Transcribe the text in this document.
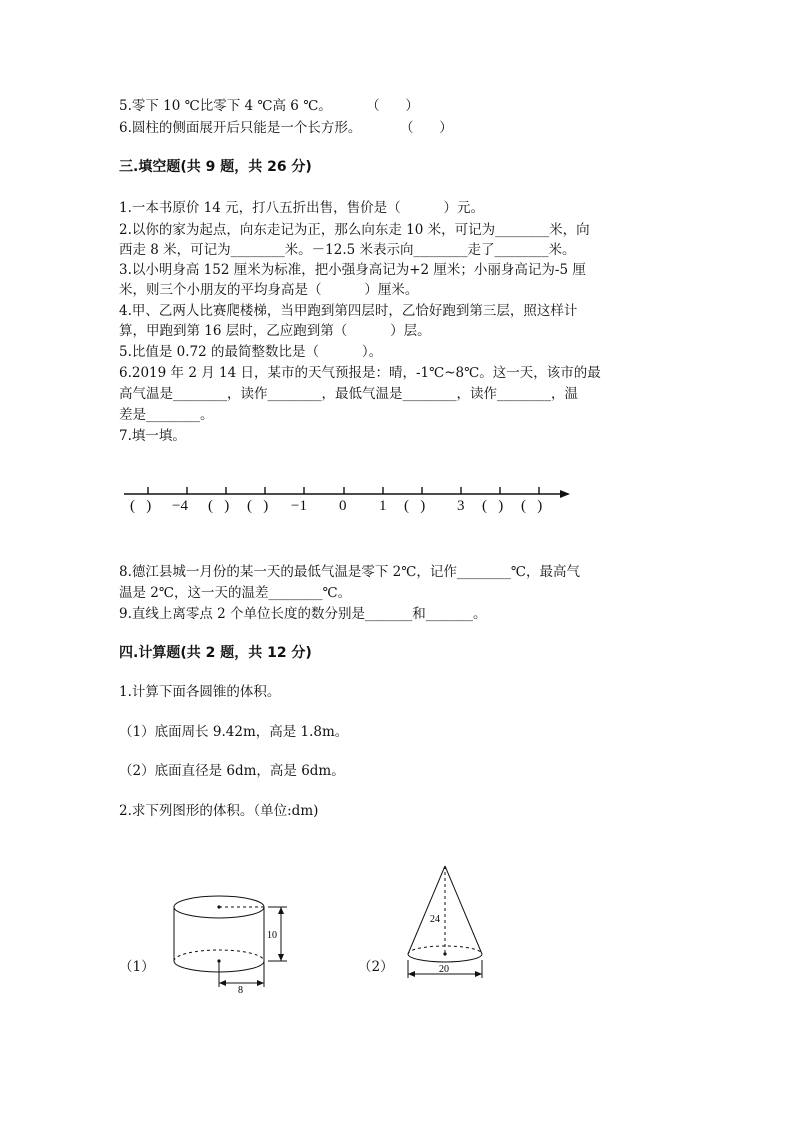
5.零下 10 ℃比零下 4 ℃高 6 ℃。        （      ）
6.圆柱的侧面展开后只能是一个长方形。         （      ）
三.填空题(共 9 题，共 26 分)
1.一本书原价 14 元，打八五折出售，售价是（          ）元。
2.以你的家为起点，向东走记为正，那么向东走 10 米，可记为________米，向
西走 8 米，可记为________米。－12.5 米表示向________走了________米。
3.以小明身高 152 厘米为标准，把小强身高记为+2 厘米；小丽身高记为-5 厘
米，则三个小朋友的平均身高是（          ）厘米。
4.甲、乙两人比赛爬楼梯，当甲跑到第四层时，乙恰好跑到第三层，照这样计
算，甲跑到第 16 层时，乙应跑到第（          ）层。
5.比值是 0.72 的最简整数比是（          ）。
6.2019 年 2 月 14 日，某市的天气预报是：晴，-1℃~8℃。这一天，该市的最
高气温是________，读作________，最低气温是________，读作________，温
差是________。
7.填一填。
(   ) −4 (   ) (   ) −1 0 1 (   ) 3 (   ) (   )
8.德江县城一月份的某一天的最低气温是零下 2℃，记作________℃，最高气
温是 2℃，这一天的温差________℃。
9.直线上离零点 2 个单位长度的数分别是_______和_______。
四.计算题(共 2 题，共 12 分)
1.计算下面各圆锥的体积。
（1）底面周长 9.42m，高是 1.8m。
（2）底面直径是 6dm，高是 6dm。
2.求下列图形的体积。（单位:dm)
（1）	（2）
10
8
24
20
